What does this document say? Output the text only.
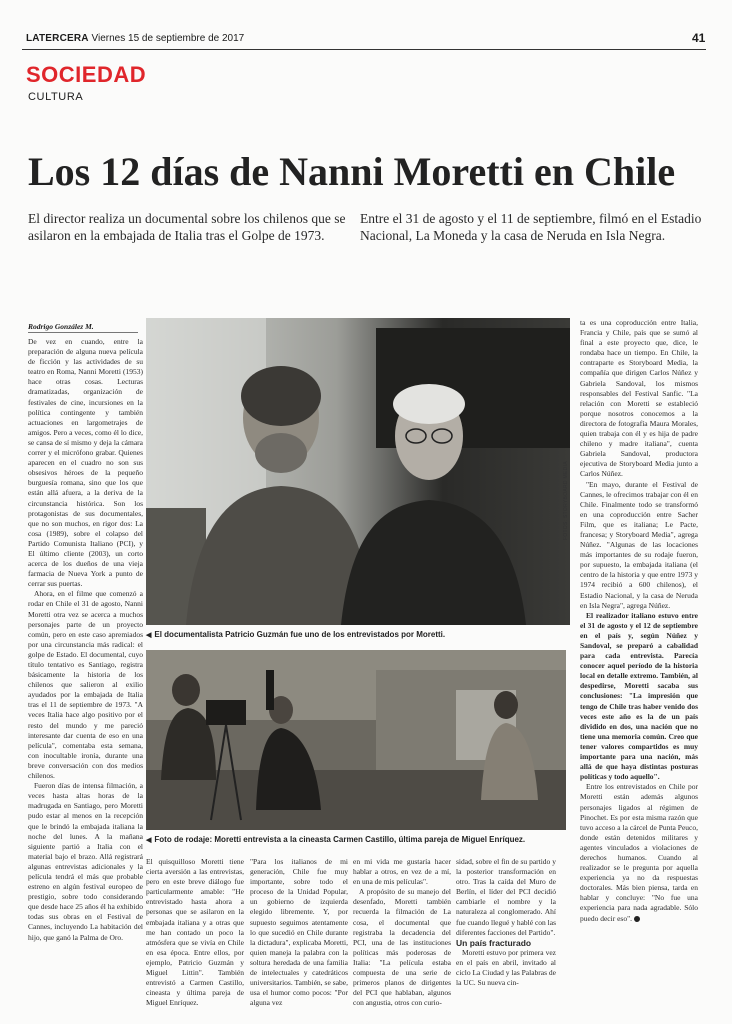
LATERCERA Viernes 15 de septiembre de 2017	41
SOCIEDAD
CULTURA
Los 12 días de Nanni Moretti en Chile
El director realiza un documental sobre los chilenos que se asilaron en la embajada de Italia tras el Golpe de 1973.
Entre el 31 de agosto y el 11 de septiembre, filmó en el Estadio Nacional, La Moneda y la casa de Neruda en Isla Negra.
Rodrigo González M.

De vez en cuando, entre la preparación de alguna nueva película de ficción y las actividades de su teatro en Roma, Nanni Moretti (1953) hace otras cosas. Lecturas dramatizadas, organización de festivales de cine, incursiones en la política contingente y también actuaciones en largometrajes de amigos. Pero a veces, como él lo dice, se cansa de sí mismo y deja la cámara correr y el micrófono grabar. Quienes aparecen en el cuadro no son sus obsesivos héroes de la pequeño burguesía romana, sino que los que están allá afuera, a la deriva de la circunstancia histórica. Son los protagonistas de sus documentales, que no son muchos, en rigor dos: La cosa (1989), sobre el colapso del Partido Comunista Italiano (PCI), y El último cliente (2003), un corto acerca de los dueños de una vieja farmacia de Nueva York a punto de cerrar sus puertas.

Ahora, en el filme que comenzó a rodar en Chile el 31 de agosto, Nanni Moretti otra vez se acerca a muchos personajes parte de un proyecto común, pero en este caso apremiados por una circunstancia más radical: el golpe de Estado. El documental, cuyo título tentativo es Santiago, registra básicamente la historia de los chilenos que salieron al exilio ayudados por la embajada de Italia tras el 11 de septiembre de 1973. "A veces Italia hace algo positivo por el resto del mundo y me pareció interesante dar cuenta de eso en una película", comentaba esta semana, con inocultable ironía, durante una breve conversación con dos medios chilenos.

Fueron días de intensa filmación, a veces hasta altas horas de la madrugada en Santiago, pero Moretti pudo estar al menos en la recepción que le brindó la embajada italiana la noche del lunes. A la mañana siguiente partió a Italia con el material bajo el brazo. Allá registrará algunas entrevistas adicionales y la película tendrá el más que probable estreno en algún festival europeo de prestigio, sobre todo considerando que desde hace 25 años él ha exhibido todas sus obras en el Festival de Cannes, incluyendo La habitación del hijo, que ganó la Palma de Oro.

FOTOS: STORYBOARD MEDIA
◀ El documentalista Patricio Guzmán fue uno de los entrevistados por Moretti.
◀ Foto de rodaje: Moretti entrevista a la cineasta Carmen Castillo, última pareja de Miguel Enríquez.

El quisquilloso Moretti tiene cierta aversión a las entrevistas, pero en este breve diálogo fue particularmente amable: "He entrevistado hasta ahora a personas que se asilaron en la embajada italiana y a otras que me han contado un poco la atmósfera que se vivía en Chile en esa época. Entre ellos, por ejemplo, Patricio Guzmán y Miguel Littin". También entrevistó a Carmen Castillo, cineasta y última pareja de Miguel Enríquez.

"Para los italianos de mi generación, Chile fue muy importante, sobre todo el proceso de la Unidad Popular, un gobierno de izquierda elegido libremente. Y, por supuesto seguimos atentamente lo que sucedió en Chile durante la dictadura", explicaba Moretti, quien maneja la palabra con la soltura heredada de una familia de intelectuales y catedráticos universitarios. También, se sabe, usa el humor como pocos: "Por alguna vez

en mi vida me gustaría hacer hablar a otros, en vez de a mí, en una de mis películas".

A propósito de su manejo del desenfado, Moretti también recuerda la filmación de La cosa, el documental que registraba la decadencia del PCI, una de las instituciones políticas más poderosas de Italia: "La película estaba compuesta de una serie de primeros planos de dirigentes del PCI que hablaban, algunos con angustia, otros con curio-

sidad, sobre el fin de su partido y la posterior transformación en otro. Tras la caída del Muro de Berlín, el líder del PCI decidió cambiarle el nombre y la naturaleza al conglomerado. Ahí fue cuando llegué y hablé con las diferentes facciones del Partido".

Un país fracturado

Moretti estuvo por primera vez en el país en abril, invitado al ciclo La Ciudad y las Palabras de la UC. Su nueva cin-

ta es una coproducción entre Italia, Francia y Chile, país que se sumó al final a este proyecto que, dice, le rondaba hace un tiempo. En Chile, la contraparte es Storyboard Media, la compañía que dirigen Carlos Núñez y Gabriela Sandoval, los mismos responsables del Festival Sanfic. "La relación con Moretti se estableció porque nosotros conocemos a la directora de fotografía Maura Morales, quien trabaja con él y es hija de padre chileno y madre italiana", cuenta Gabriela Sandoval, productora ejecutiva de Storyboard Media junto a Carlos Núñez.

"En mayo, durante el Festival de Cannes, le ofrecimos trabajar con él en Chile. Finalmente todo se transformó en una coproducción entre Sacher Film, que es italiana; Le Pacte, francesa; y Storyboard Media", agrega Núñez. "Algunas de las locaciones más importantes de su rodaje fueron, por supuesto, la embajada italiana (el centro de la historia y que entre 1973 y 1974 recibió a 600 chilenos), el Estadio Nacional, y la casa de Neruda en Isla Negra", agrega Núñez.

El realizador italiano estuvo entre el 31 de agosto y el 12 de septiembre en el país y, según Núñez y Sandoval, se preparó a cabalidad para cada entrevista. Parecía conocer aquel período de la historia local en detalle extremo. También, al despedirse, Moretti sacaba sus conclusiones: "La impresión que tengo de Chile tras haber venido dos veces este año es la de un país dividido en dos, una nación que no tiene una memoria común. Creo que tener valores compartidos es muy importante para una nación, más allá de que haya distintas posturas políticas y todo aquello".

Entre los entrevistados en Chile por Moretti están además algunos personajes ligados al régimen de Pinochet. Es por esta misma razón que tuvo acceso a la cárcel de Punta Peuco, donde están detenidos militares y agentes vinculados a violaciones de derechos humanos. Cuando al realizador se le pregunta por aquella experiencia ya no da respuestas doctorales. Más bien piensa, tarda en hablar y concluye: "No fue una experiencia para nada agradable. Sólo puedo decir eso".
